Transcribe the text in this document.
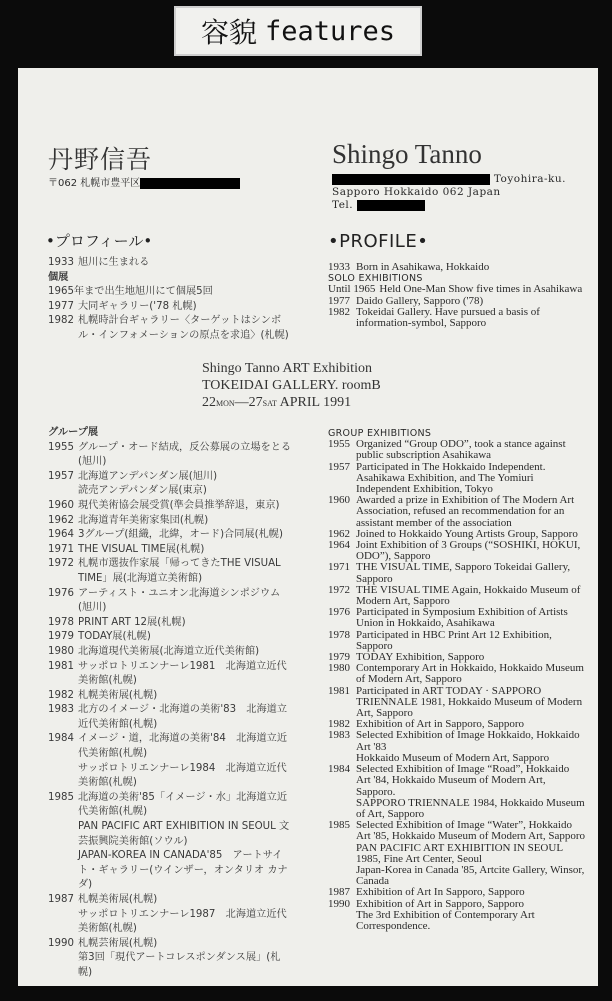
容貌 features
丹野信吾
〒062 札幌市豊平区
Shingo Tanno
Toyohira-ku.
Sapporo Hokkaido 062 Japan
Tel.
•プロフィール•	•PROFILE•
1933 旭川に生まれる
個展
1965年まで出生地旭川にて個展5回
1977 大同ギャラリー('78 札幌)
1982 札幌時計台ギャラリー〈ターゲットはシンボル・インフォメーションの原点を求追〉(札幌)
1933 Born in Asahikawa, Hokkaido
SOLO EXHIBITIONS
Until 1965 Held One-Man Show five times in Asahikawa
1977 Daido Gallery, Sapporo ('78)
1982 Tokeidai Gallery. Have pursued a basis of information-symbol, Sapporo
Shingo Tanno ART Exhibition
TOKEIDAI GALLERY. roomB
22MON—27SAT APRIL 1991
グループ展
1955 グループ・オード結成，反公募展の立場をとる(旭川)
1957 北海道アンデパンダン展(旭川)
読売アンデパンダン展(東京)
1960 現代美術協会展受賞(準会員推挙辞退，東京)
1962 北海道青年美術家集団(札幌)
1964 3グループ(組織，北緯，オード)合同展(札幌)
1971 THE VISUAL TIME展(札幌)
1972 札幌市選抜作家展「帰ってきたTHE VISUAL TIME」展(北海道立美術館)
1976 アーティスト・ユニオン北海道シンポジウム(旭川)
1978 PRINT ART 12展(札幌)
1979 TODAY展(札幌)
1980 北海道現代美術展(北海道立近代美術館)
1981 サッポロトリエンナーレ1981　北海道立近代美術館(札幌)
1982 札幌美術展(札幌)
1983 北方のイメージ・北海道の美術'83　北海道立近代美術館(札幌)
1984 イメージ・道，北海道の美術'84　北海道立近代美術館(札幌)
サッポロトリエンナーレ1984　北海道立近代美術館(札幌)
1985 北海道の美術'85「イメージ・水」北海道立近代美術館(札幌)
PAN PACIFIC ART EXHIBITION IN SEOUL 文芸振興院美術館(ソウル)
JAPAN-KOREA IN CANADA'85　アートサイト・ギャラリー(ウインザー，オンタリオ カナダ)
1987 札幌美術展(札幌)
サッポロトリエンナーレ1987　北海道立近代美術館(札幌)
1990 札幌芸術展(札幌)
第3回「現代アートコレスポンダンス展」(札幌)
GROUP EXHIBITIONS
1955 Organized “Group ODO”, took a stance against public subscription Asahikawa
1957 Participated in The Hokkaido Independent. Asahikawa Exhibition, and The Yomiuri Independent Exhibition, Tokyo
1960 Awarded a prize in Exhibition of The Modern Art Association, refused an recommendation for an assistant member of the association
1962 Joined to Hokkaido Young Artists Group, Sapporo
1964 Joint Exhibition of 3 Groups (“SOSHIKI, HOKUI, ODO”), Sapporo
1971 THE VISUAL TIME, Sapporo Tokeidai Gallery, Sapporo
1972 THE VISUAL TIME Again, Hokkaido Museum of Modern Art, Sapporo
1976 Participated in Symposium Exhibition of Artists Union in Hokkaido, Asahikawa
1978 Participated in HBC Print Art 12 Exhibition, Sapporo
1979 TODAY Exhibition, Sapporo
1980 Contemporary Art in Hokkaido, Hokkaido Museum of Modern Art, Sapporo
1981 Participated in ART TODAY · SAPPORO TRIENNALE 1981, Hokkaido Museum of Modern Art, Sapporo
1982 Exhibition of Art in Sapporo, Sapporo
1983 Selected Exhibition of Image Hokkaido, Hokkaido Art '83
Hokkaido Museum of Modern Art, Sapporo
1984 Selected Exhibition of Image “Road”, Hokkaido Art '84, Hokkaido Museum of Modern Art, Sapporo.
SAPPORO TRIENNALE 1984, Hokkaido Museum of Art, Sapporo
1985 Selected Exhibition of Image “Water”, Hokkaido Art '85, Hokkaido Museum of Modern Art, Sapporo
PAN PACIFIC ART EXHIBITION IN SEOUL 1985, Fine Art Center, Seoul
Japan-Korea in Canada '85, Artcite Gallery, Winsor, Canada
1987 Exhibition of Art In Sapporo, Sapporo
1990 Exhibition of Art in Sapporo, Sapporo
The 3rd Exhibition of Contemporary Art Correspondence.
